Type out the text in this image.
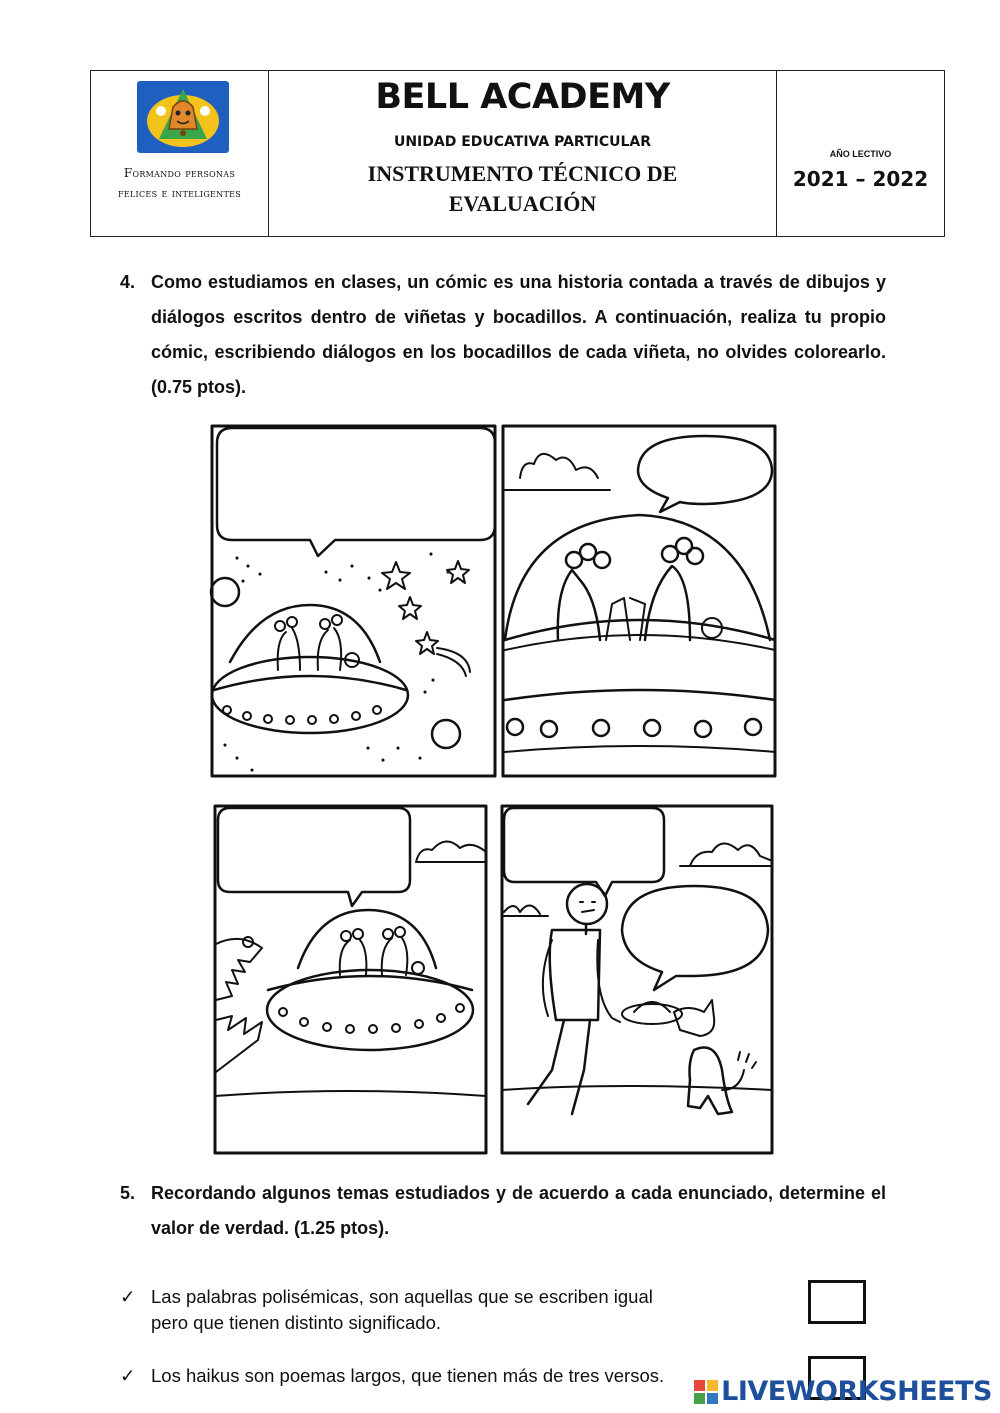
Formando personas
felices e inteligentes
BELL ACADEMY
UNIDAD EDUCATIVA PARTICULAR
INSTRUMENTO TÉCNICO DE
EVALUACIÓN
AÑO LECTIVO
2021 – 2022
4. Como estudiamos en clases, un cómic es una historia contada a través de dibujos y diálogos escritos dentro de viñetas y bocadillos. A continuación, realiza tu propio cómic, escribiendo diálogos en los bocadillos de cada viñeta, no olvides colorearlo. (0.75 ptos).
5. Recordando algunos temas estudiados y de acuerdo a cada enunciado, determine el valor de verdad. (1.25 ptos).
✓ Las palabras polisémicas, son aquellas que se escriben igual
pero que tienen distinto significado.
✓ Los haikus son poemas largos, que tienen más de tres versos.
LIVEWORKSHEETS
